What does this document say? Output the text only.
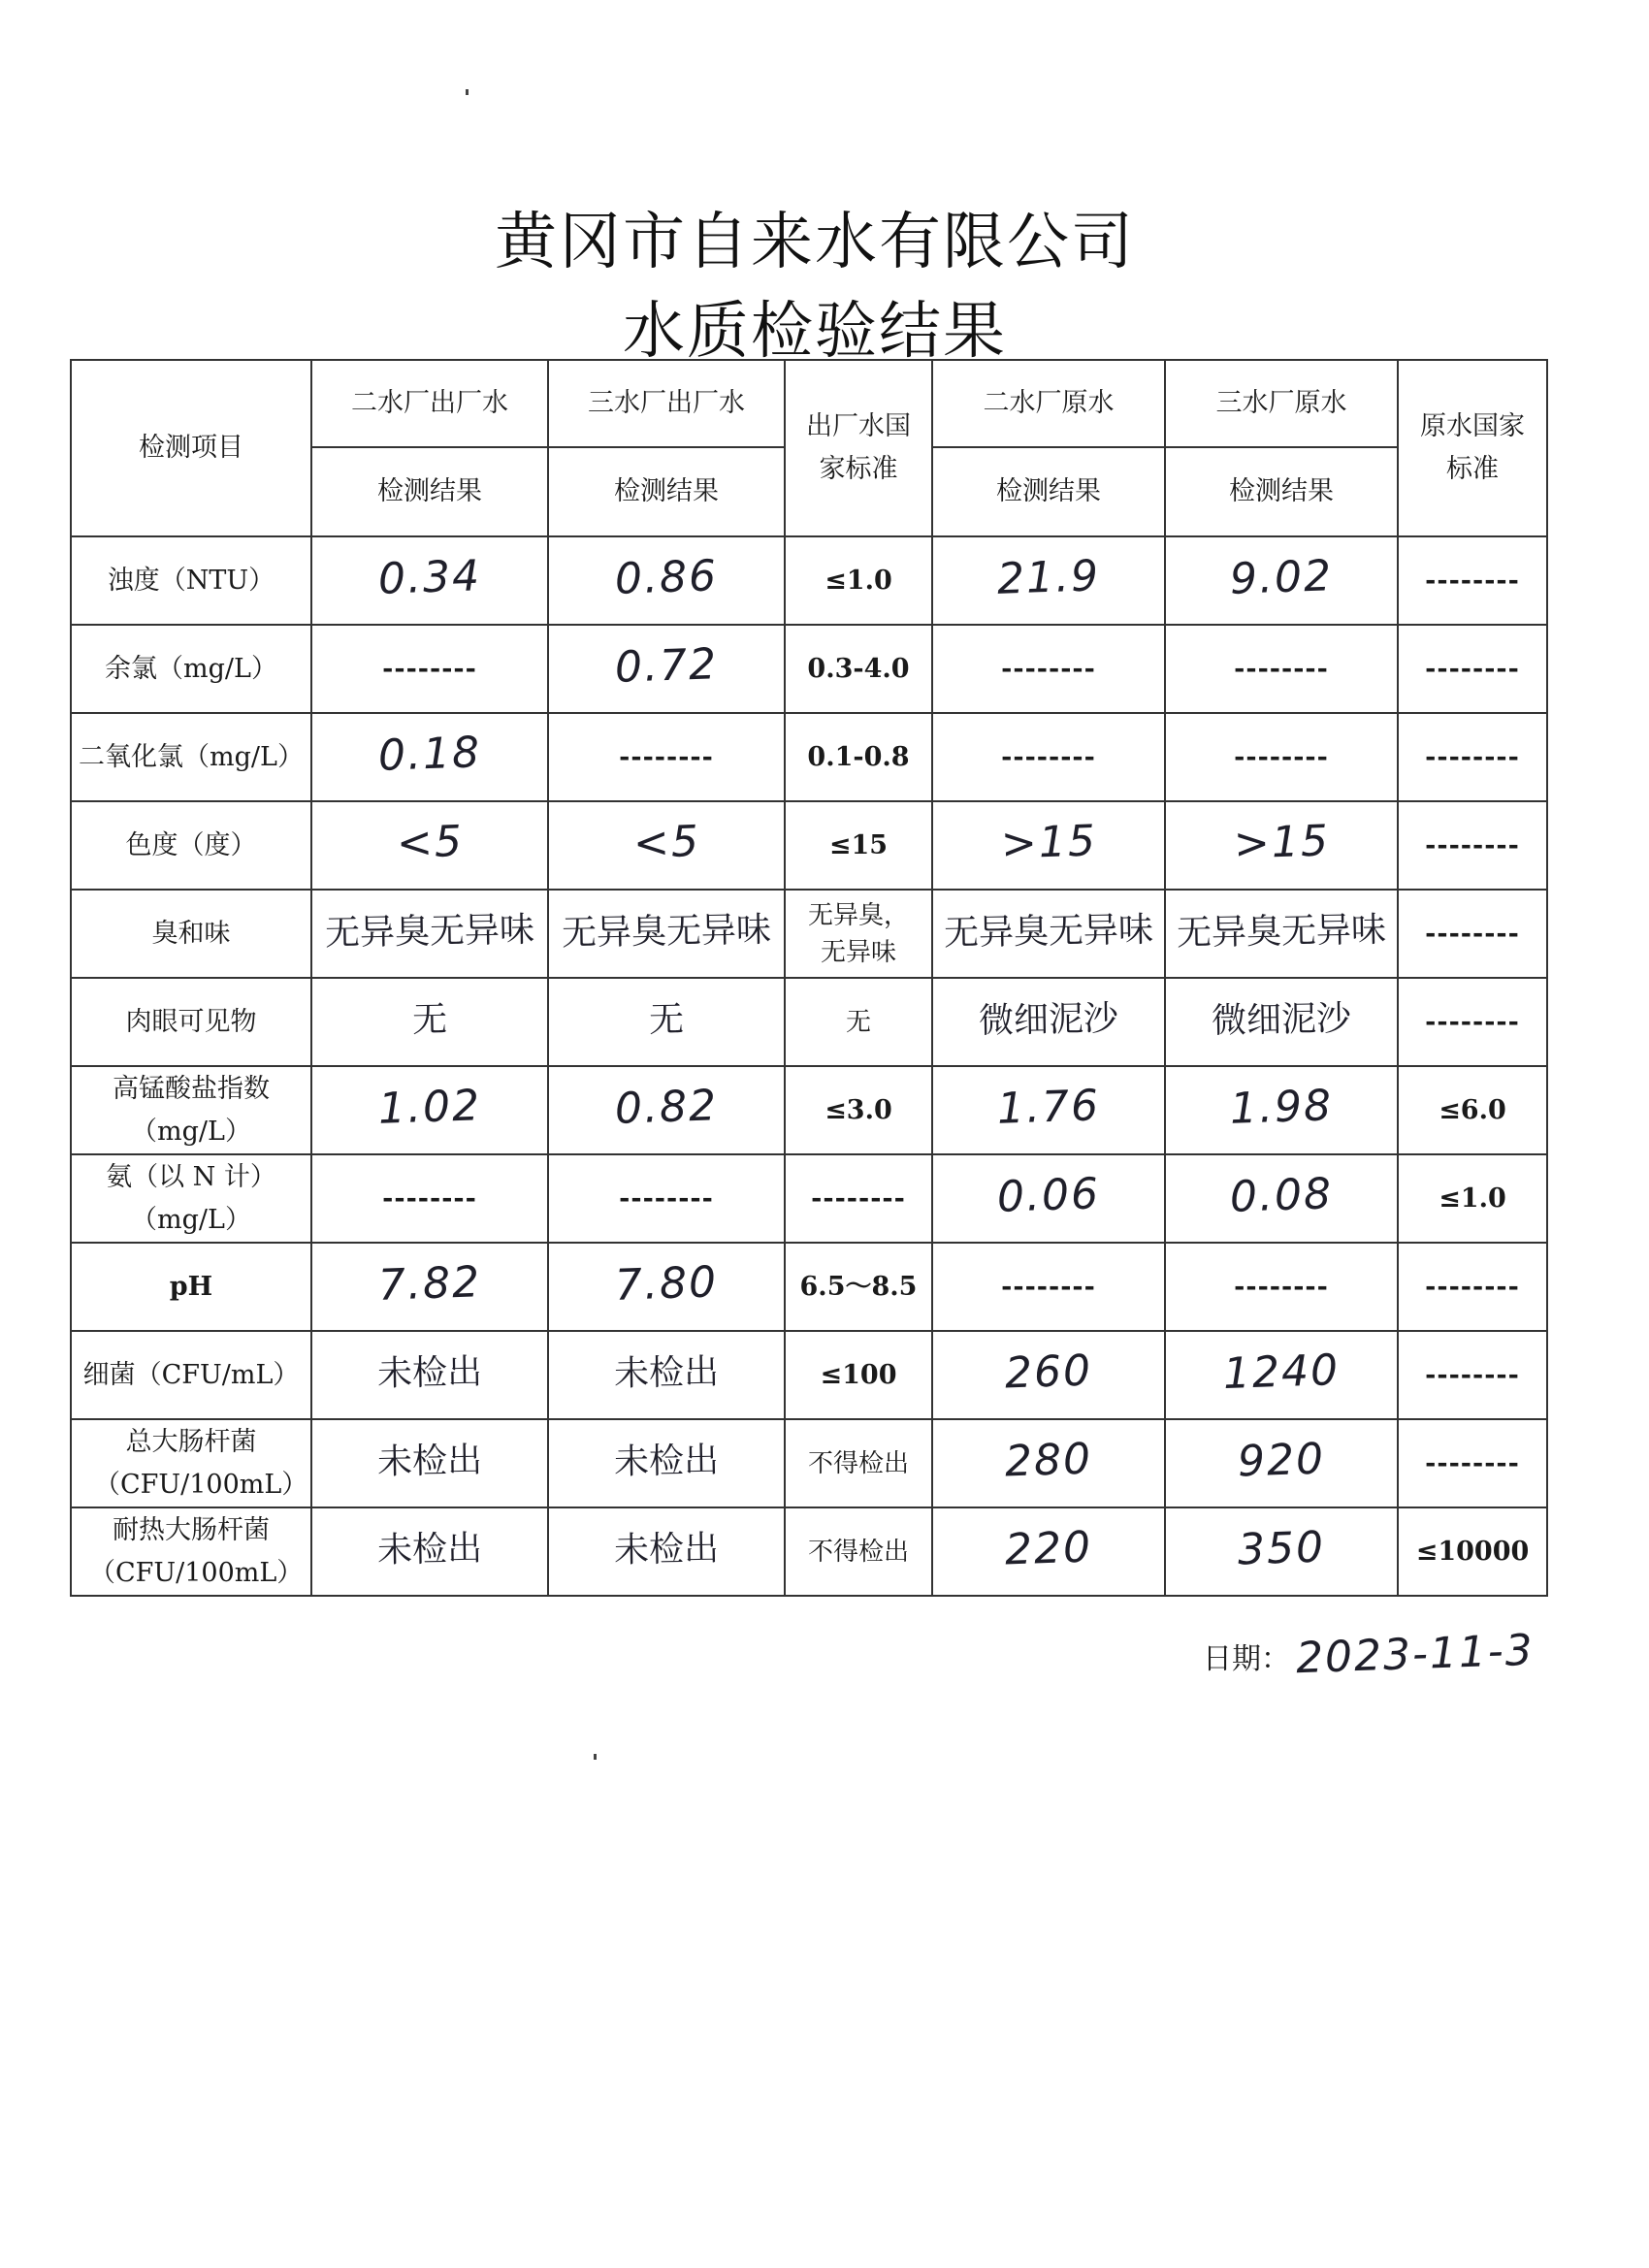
黄冈市自来水有限公司
水质检验结果
检测项目	二水厂出厂水	三水厂出厂水	出厂水国家标准	二水厂原水	三水厂原水	原水国家标准
	检测结果	检测结果		检测结果	检测结果	
浊度（NTU）	0.34	0.86	≤1.0	21.9	9.02	--------
余氯（mg/L）	--------	0.72	0.3-4.0	--------	--------	--------
二氧化氯（mg/L）	0.18	--------	0.1-0.8	--------	--------	--------
色度（度）	<5	<5	≤15	>15	>15	--------
臭和味	无异臭无异味	无异臭无异味	无异臭，无异味	无异臭无异味	无异臭无异味	--------
肉眼可见物	无	无	无	微细泥沙	微细泥沙	--------
高锰酸盐指数（mg/L）	1.02	0.82	≤3.0	1.76	1.98	≤6.0
氨（以 N 计）（mg/L）	--------	--------	--------	0.06	0.08	≤1.0
pH	7.82	7.80	6.5～8.5	--------	--------	--------
细菌（CFU/mL）	未检出	未检出	≤100	260	1240	--------
总大肠杆菌（CFU/100mL）	未检出	未检出	不得检出	280	920	--------
耐热大肠杆菌（CFU/100mL）	未检出	未检出	不得检出	220	350	≤10000
日期： 2023-11-3
